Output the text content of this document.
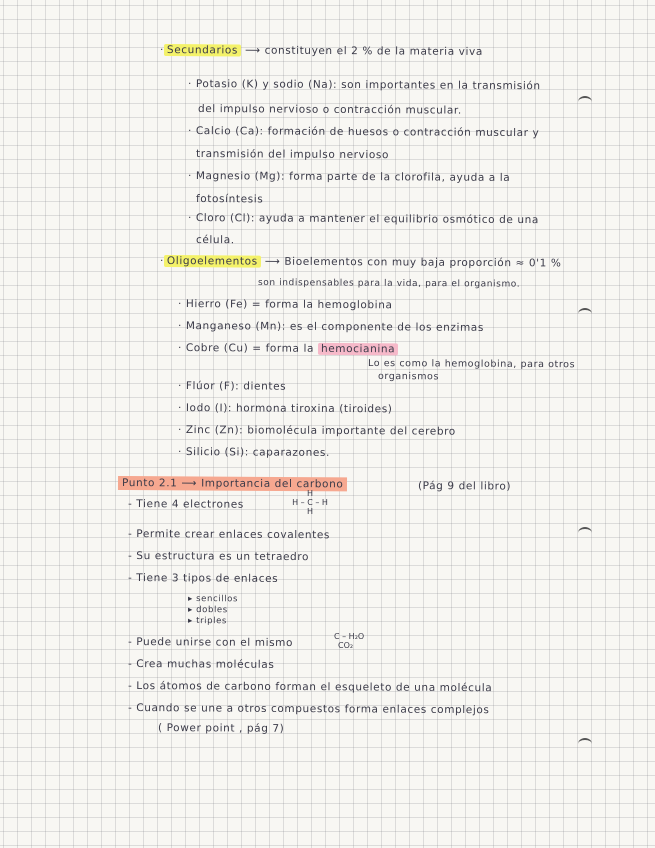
· Secundarios ⟶ constituyen el 2 % de la materia viva
· Potasio (K) y sodio (Na): son importantes en la transmisión
del impulso nervioso o contracción muscular.
· Calcio (Ca): formación de huesos o contracción muscular y
transmisión del impulso nervioso
· Magnesio (Mg): forma parte de la clorofila, ayuda a la
fotosíntesis
· Cloro (Cl): ayuda a mantener el equilibrio osmótico de una
célula.
· Oligoelementos ⟶ Bioelementos con muy baja proporción ≈ 0'1 %
son indispensables para la vida, para el organismo.
· Hierro (Fe) = forma la hemoglobina
· Manganeso (Mn): es el componente de los enzimas
· Cobre (Cu) = forma la hemocianina
Lo es como la hemoglobina, para otros
organismos
· Flúor (F): dientes
· Iodo (I): hormona tiroxina (tiroides)
· Zinc (Zn): biomolécula importante del cerebro
· Silicio (Si): caparazones.
Punto 2.1 ⟶ Importancia del carbono	(Pág 9 del libro)
- Tiene 4 electrones
H
H – C – H
H
- Permite crear enlaces covalentes
- Su estructura es un tetraedro
- Tiene 3 tipos de enlaces
▸ sencillos
▸ dobles
▸ triples
- Puede unirse con el mismo	C – H₂O
CO₂
- Crea muchas moléculas
- Los átomos de carbono forman el esqueleto de una molécula
- Cuando se une a otros compuestos forma enlaces complejos
( Power point , pág 7)
